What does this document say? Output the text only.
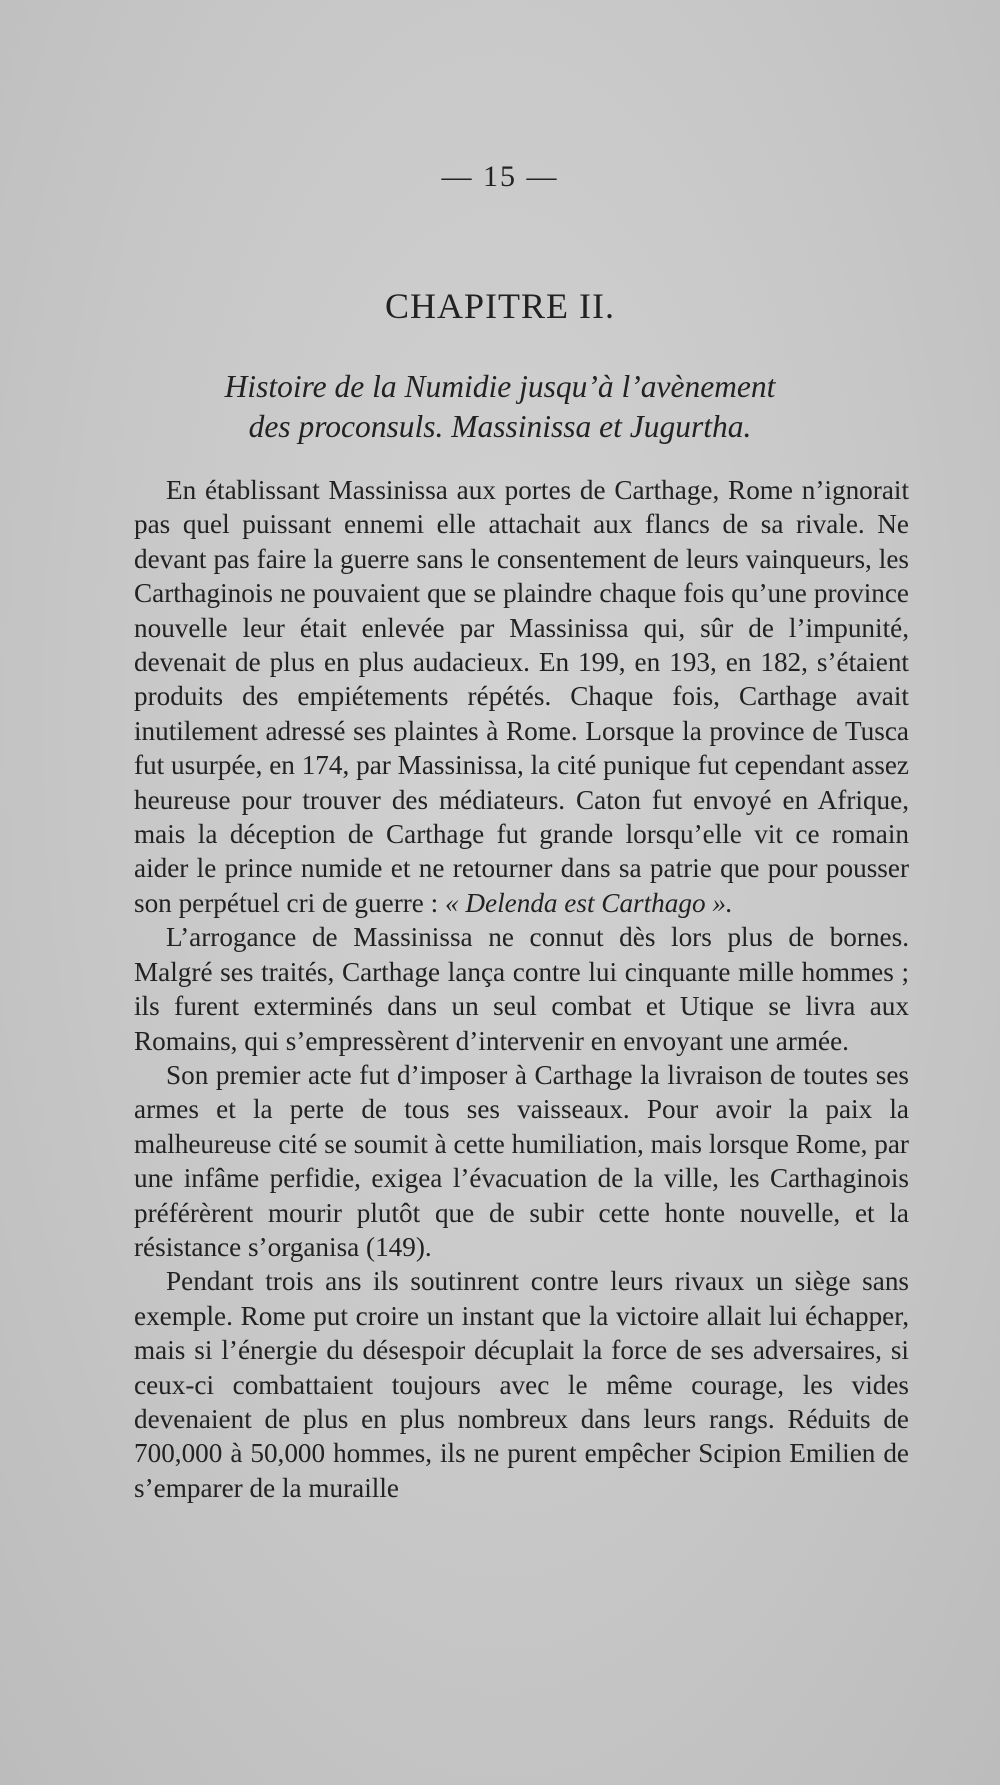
— 15 —
CHAPITRE II.
Histoire de la Numidie jusqu’à l’avènement
des proconsuls. Massinissa et Jugurtha.

En établissant Massinissa aux portes de Carthage, Rome n’ignorait pas quel puissant ennemi elle attachait aux flancs de sa rivale. Ne devant pas faire la guerre sans le consentement de leurs vainqueurs, les Carthaginois ne pouvaient que se plaindre chaque fois qu’une province nouvelle leur était enlevée par Massinissa qui, sûr de l’impunité, devenait de plus en plus audacieux. En 199, en 193, en 182, s’étaient produits des empiétements répétés. Chaque fois, Carthage avait inutilement adressé ses plaintes à Rome. Lorsque la province de Tusca fut usurpée, en 174, par Massinissa, la cité punique fut cependant assez heureuse pour trouver des médiateurs. Caton fut envoyé en Afrique, mais la déception de Carthage fut grande lorsqu’elle vit ce romain aider le prince numide et ne retourner dans sa patrie que pour pousser son perpétuel cri de guerre : « Delenda est Carthago ».

L’arrogance de Massinissa ne connut dès lors plus de bornes. Malgré ses traités, Carthage lança contre lui cinquante mille hommes ; ils furent exterminés dans un seul combat et Utique se livra aux Romains, qui s’empressèrent d’intervenir en envoyant une armée.

Son premier acte fut d’imposer à Carthage la livraison de toutes ses armes et la perte de tous ses vaisseaux. Pour avoir la paix la malheureuse cité se soumit à cette humiliation, mais lorsque Rome, par une infâme perfidie, exigea l’évacuation de la ville, les Carthaginois préférèrent mourir plutôt que de subir cette honte nouvelle, et la résistance s’organisa (149).

Pendant trois ans ils soutinrent contre leurs rivaux un siège sans exemple. Rome put croire un instant que la victoire allait lui échapper, mais si l’énergie du désespoir décuplait la force de ses adversaires, si ceux-ci combattaient toujours avec le même courage, les vides devenaient de plus en plus nombreux dans leurs rangs. Réduits de 700,000 à 50,000 hommes, ils ne purent empêcher Scipion Emilien de s’emparer de la muraille
